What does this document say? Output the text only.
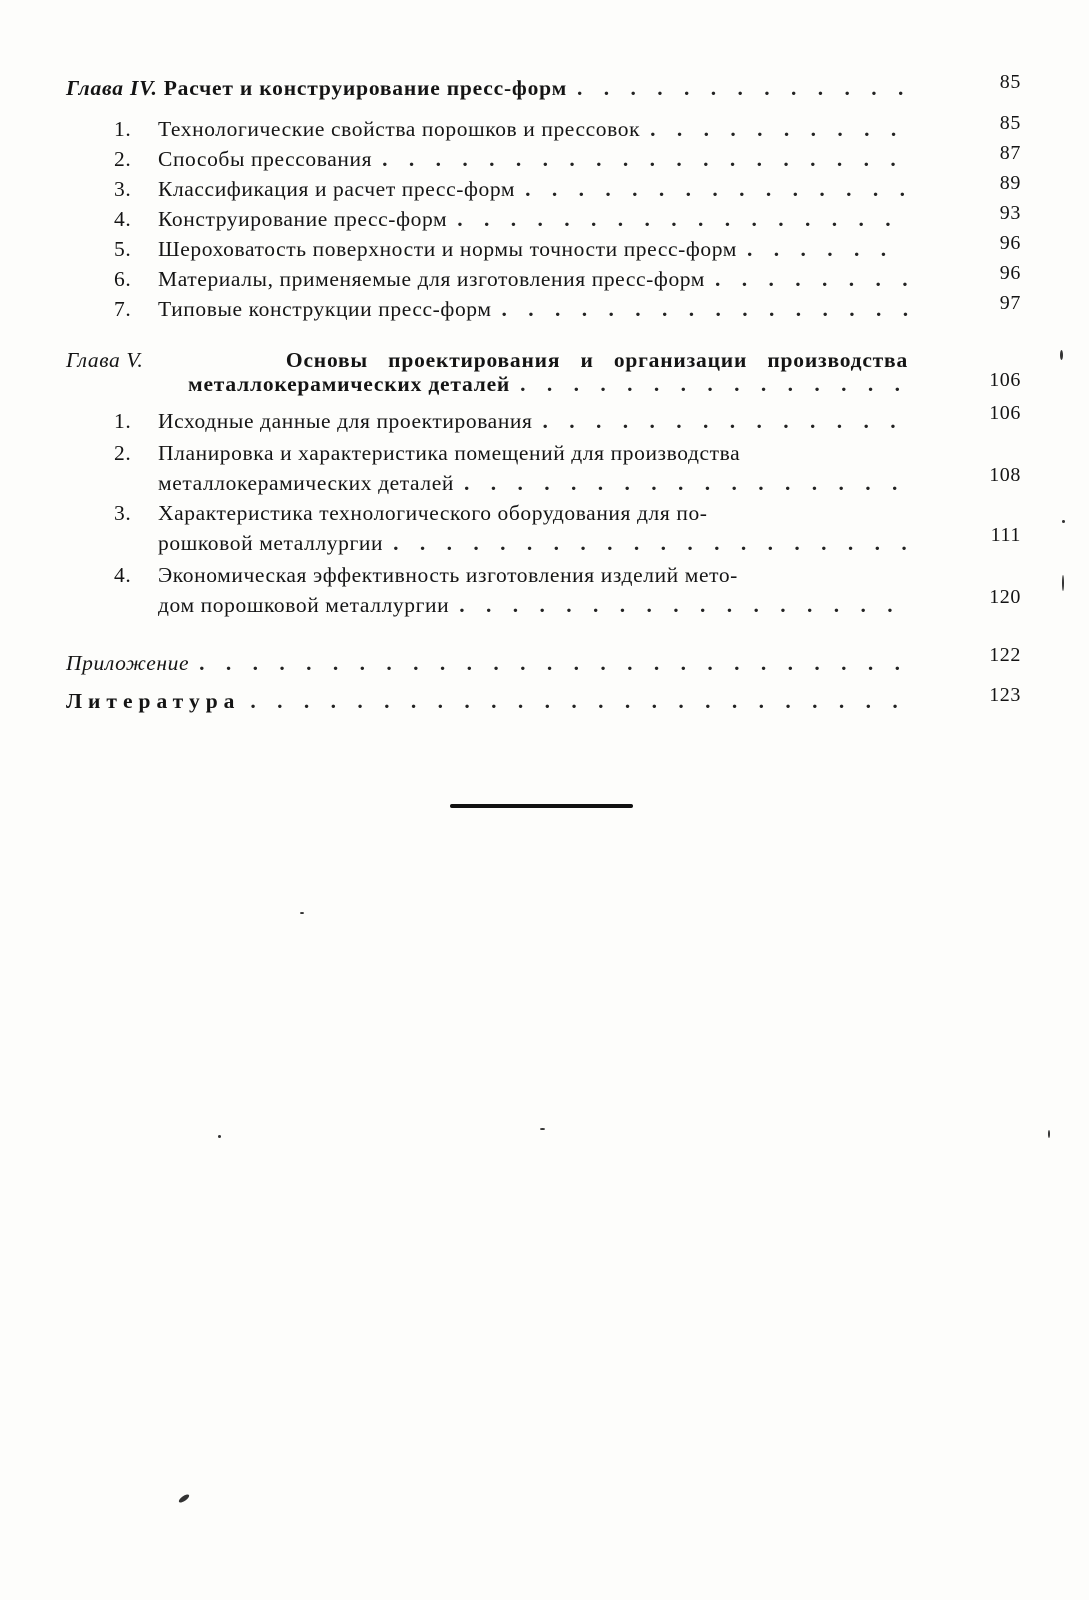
Глава IV. Расчет и конструирование пресс-форм . . .	85
1. Технологические свойства порошков и прессовок . . .	85
2. Способы прессования . . .	87
3. Классификация и расчет пресс-форм . . .	89
4. Конструирование пресс-форм . . .	93
5. Шероховатость поверхности и нормы точности пресс-форм . . .	96
6. Материалы, применяемые для изготовления пресс-форм . . .	96
7. Типовые конструкции пресс-форм . . .	97
Глава V.	Основы проектирования и организации производства
металлокерамических деталей . . .	106
1. Исходные данные для проектирования . . .	106
2. Планировка и характеристика помещений для производства
металлокерамических деталей . . .	108
3. Характеристика технологического оборудования для по-
рошковой металлургии . . .	111
4. Экономическая эффективность изготовления изделий мето-
дом порошковой металлургии . . .	120
Приложение . . .	122
Литература . . .	123
